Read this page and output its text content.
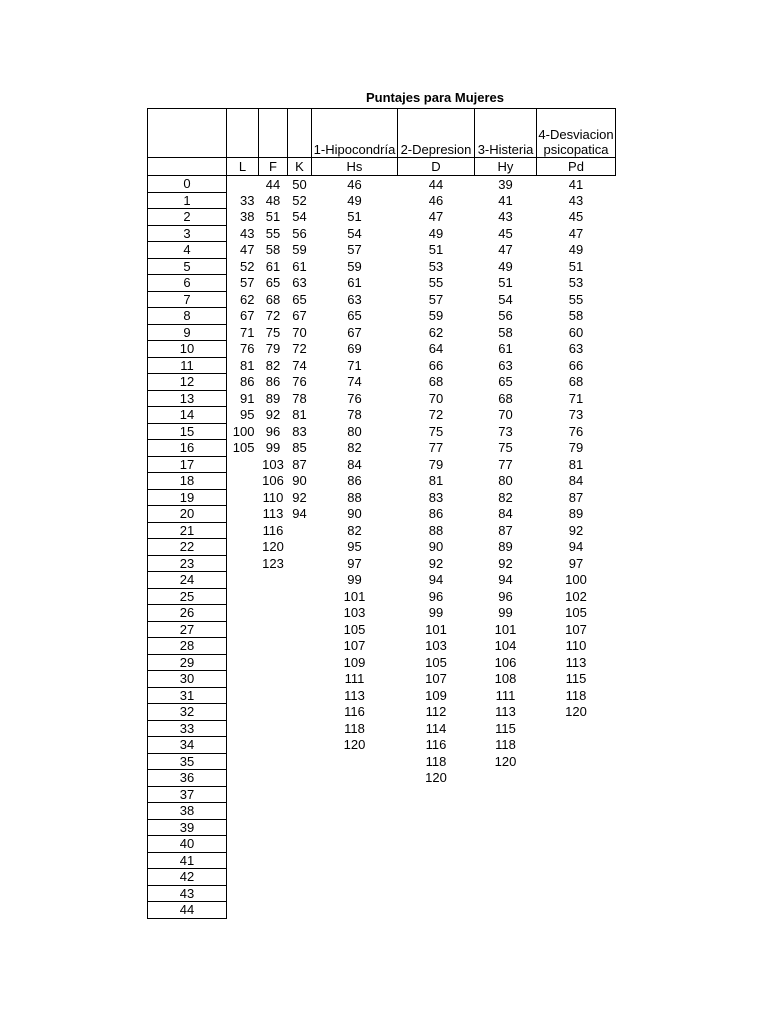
Puntajes para Mujeres
				1-Hipocondría	2-Depresion	3-Histeria	4-Desviacion
psicopatica
	L	F	K	Hs	D	Hy	Pd
0		44	50	46	44	39	41
1	33	48	52	49	46	41	43
2	38	51	54	51	47	43	45
3	43	55	56	54	49	45	47
4	47	58	59	57	51	47	49
5	52	61	61	59	53	49	51
6	57	65	63	61	55	51	53
7	62	68	65	63	57	54	55
8	67	72	67	65	59	56	58
9	71	75	70	67	62	58	60
10	76	79	72	69	64	61	63
11	81	82	74	71	66	63	66
12	86	86	76	74	68	65	68
13	91	89	78	76	70	68	71
14	95	92	81	78	72	70	73
15	100	96	83	80	75	73	76
16	105	99	85	82	77	75	79
17		103	87	84	79	77	81
18		106	90	86	81	80	84
19		110	92	88	83	82	87
20		113	94	90	86	84	89
21		116		82	88	87	92
22		120		95	90	89	94
23		123		97	92	92	97
24				99	94	94	100
25				101	96	96	102
26				103	99	99	105
27				105	101	101	107
28				107	103	104	110
29				109	105	106	113
30				111	107	108	115
31				113	109	111	118
32				116	112	113	120
33				118	114	115	
34				120	116	118	
35					118	120	
36					120		
37							
38							
39							
40							
41							
42							
43							
44							
